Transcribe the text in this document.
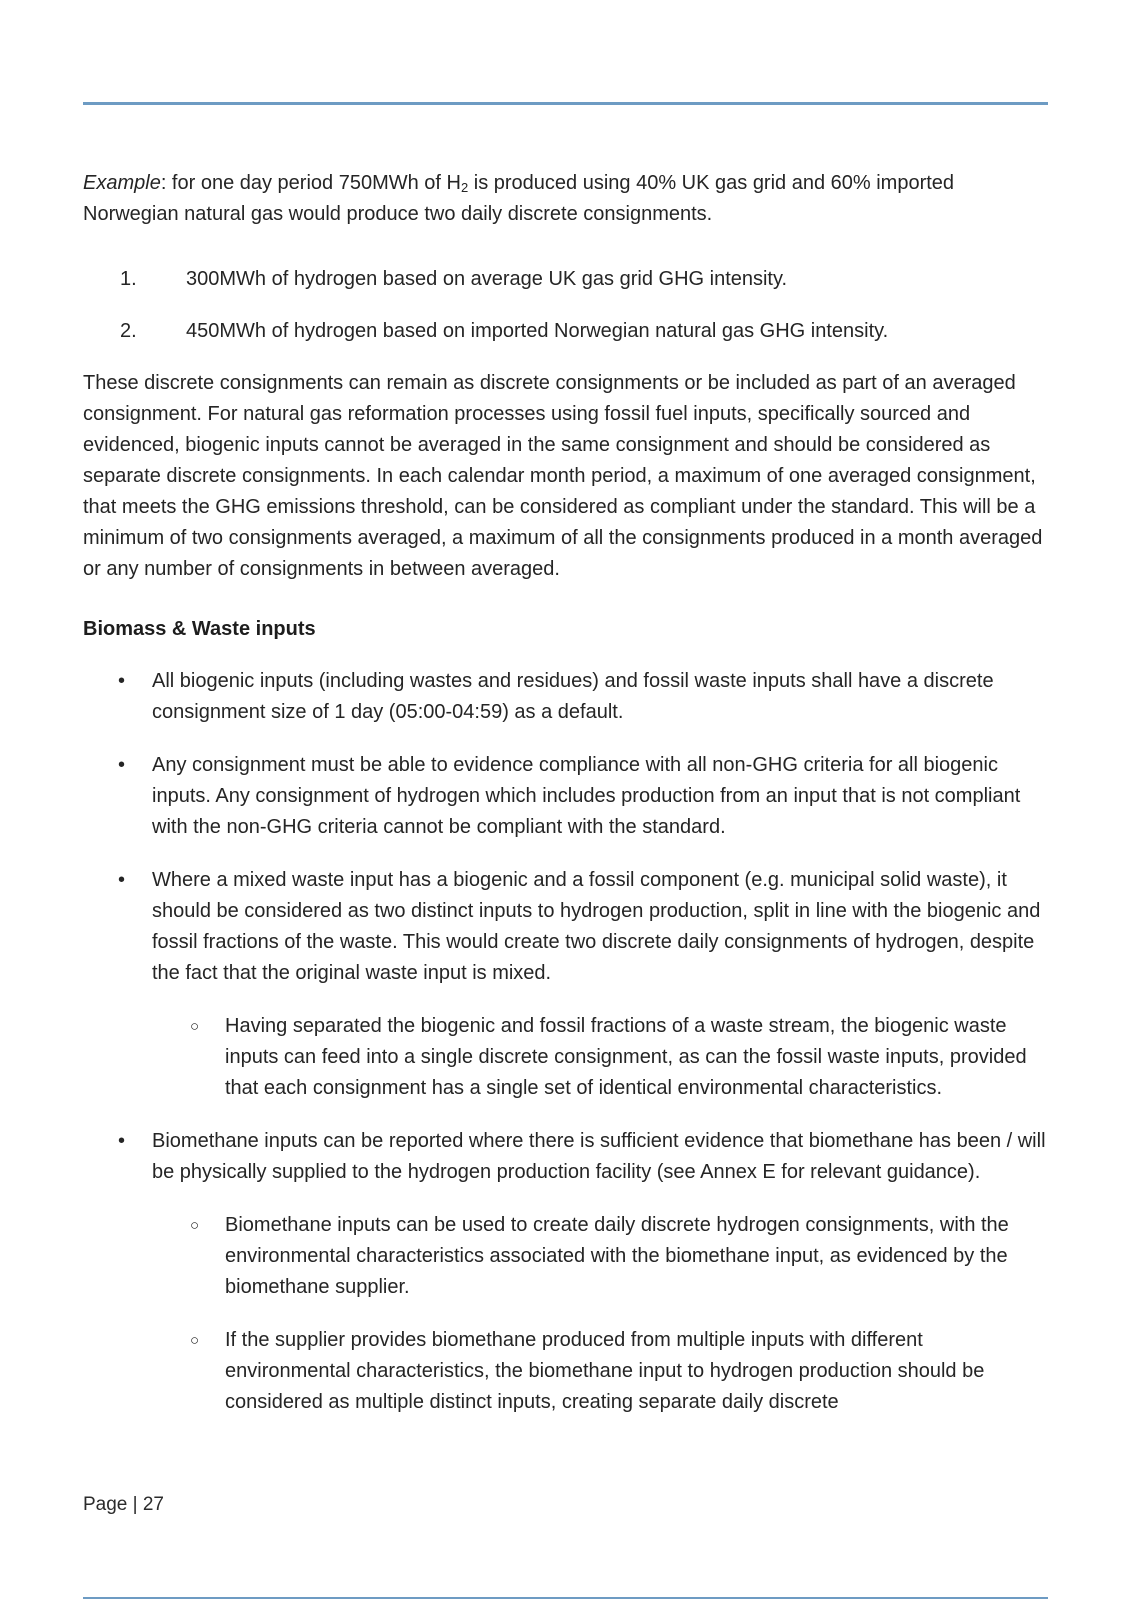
Example: for one day period 750MWh of $H_2$ is produced using 40% UK gas grid and 60% imported Norwegian natural gas would produce two daily discrete consignments.

1.	300MWh of hydrogen based on average UK gas grid GHG intensity.
2.	450MWh of hydrogen based on imported Norwegian natural gas GHG intensity.

These discrete consignments can remain as discrete consignments or be included as part of an averaged consignment. For natural gas reformation processes using fossil fuel inputs, specifically sourced and evidenced, biogenic inputs cannot be averaged in the same consignment and should be considered as separate discrete consignments. In each calendar month period, a maximum of one averaged consignment, that meets the GHG emissions threshold, can be considered as compliant under the standard. This will be a minimum of two consignments averaged, a maximum of all the consignments produced in a month averaged or any number of consignments in between averaged.

Biomass & Waste inputs
•	All biogenic inputs (including wastes and residues) and fossil waste inputs shall have a discrete consignment size of 1 day (05:00-04:59) as a default.
•	Any consignment must be able to evidence compliance with all non-GHG criteria for all biogenic inputs. Any consignment of hydrogen which includes production from an input that is not compliant with the non-GHG criteria cannot be compliant with the standard.
•	Where a mixed waste input has a biogenic and a fossil component (e.g. municipal solid waste), it should be considered as two distinct inputs to hydrogen production, split in line with the biogenic and fossil fractions of the waste. This would create two discrete daily consignments of hydrogen, despite the fact that the original waste input is mixed.
○	Having separated the biogenic and fossil fractions of a waste stream, the biogenic waste inputs can feed into a single discrete consignment, as can the fossil waste inputs, provided that each consignment has a single set of identical environmental characteristics.
•	Biomethane inputs can be reported where there is sufficient evidence that biomethane has been / will be physically supplied to the hydrogen production facility (see Annex E for relevant guidance).
○	Biomethane inputs can be used to create daily discrete hydrogen consignments, with the environmental characteristics associated with the biomethane input, as evidenced by the biomethane supplier.
○	If the supplier provides biomethane produced from multiple inputs with different environmental characteristics, the biomethane input to hydrogen production should be considered as multiple distinct inputs, creating separate daily discrete
Page | 27
